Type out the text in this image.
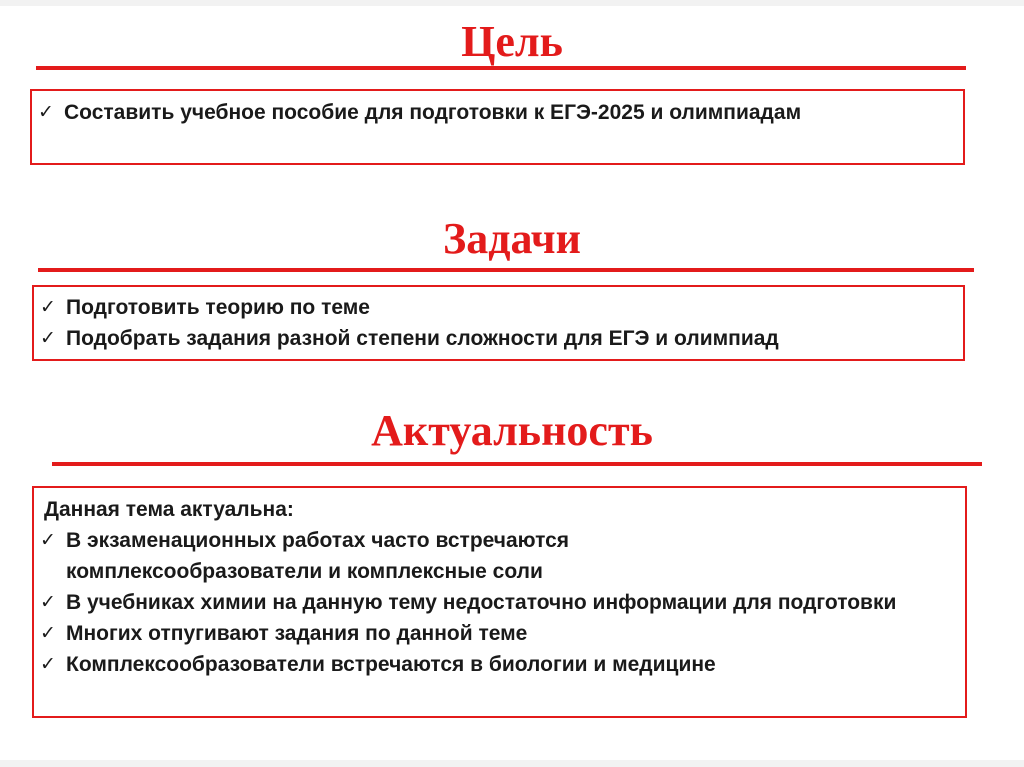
Цель
✓ Составить учебное пособие для подготовки к ЕГЭ-2025 и олимпиадам
Задачи
✓ Подготовить теорию по теме
✓ Подобрать задания разной степени сложности для ЕГЭ и олимпиад
Актуальность
Данная тема актуальна:
✓ В экзаменационных работах часто встречаются комплексообразователи и комплексные соли
✓ В учебниках химии на данную тему недостаточно информации для подготовки
✓ Многих отпугивают задания по данной теме
✓ Комплексообразователи встречаются в биологии и медицине
